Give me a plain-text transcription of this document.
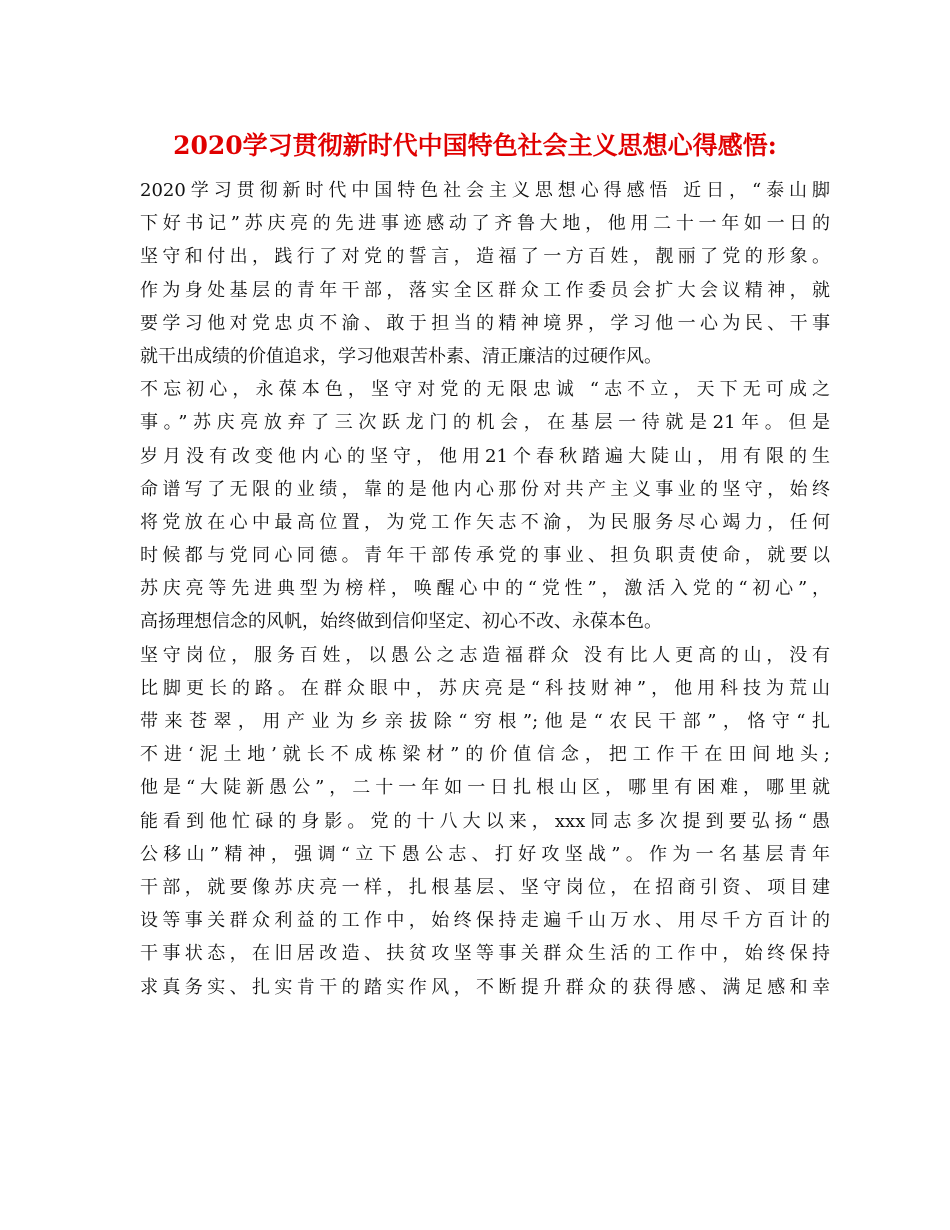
2020学习贯彻新时代中国特色社会主义思想心得感悟:
2020学习贯彻新时代中国特色社会主义思想心得感悟 近日，“泰山脚
下好书记”苏庆亮的先进事迹感动了齐鲁大地，他用二十一年如一日的
坚守和付出，践行了对党的誓言，造福了一方百姓，靓丽了党的形象。
作为身处基层的青年干部，落实全区群众工作委员会扩大会议精神，就
要学习他对党忠贞不渝、敢于担当的精神境界，学习他一心为民、干事
就干出成绩的价值追求，学习他艰苦朴素、清正廉洁的过硬作风。
不忘初心，永葆本色，坚守对党的无限忠诚 “志不立，天下无可成之
事。”苏庆亮放弃了三次跃龙门的机会，在基层一待就是21年。但是
岁月没有改变他内心的坚守，他用21个春秋踏遍大陡山，用有限的生
命谱写了无限的业绩，靠的是他内心那份对共产主义事业的坚守，始终
将党放在心中最高位置，为党工作矢志不渝，为民服务尽心竭力，任何
时候都与党同心同德。青年干部传承党的事业、担负职责使命，就要以
苏庆亮等先进典型为榜样，唤醒心中的“党性”，激活入党的“初心”，
高扬理想信念的风帆，始终做到信仰坚定、初心不改、永葆本色。
坚守岗位，服务百姓，以愚公之志造福群众 没有比人更高的山，没有
比脚更长的路。在群众眼中，苏庆亮是“科技财神”，他用科技为荒山
带来苍翠，用产业为乡亲拔除“穷根”;他是“农民干部”，恪守“扎
不进‘泥土地’就长不成栋梁材”的价值信念，把工作干在田间地头;
他是“大陡新愚公”，二十一年如一日扎根山区，哪里有困难，哪里就
能看到他忙碌的身影。党的十八大以来，xxx同志多次提到要弘扬“愚
公移山”精神，强调“立下愚公志、打好攻坚战”。作为一名基层青年
干部，就要像苏庆亮一样，扎根基层、坚守岗位，在招商引资、项目建
设等事关群众利益的工作中，始终保持走遍千山万水、用尽千方百计的
干事状态，在旧居改造、扶贫攻坚等事关群众生活的工作中，始终保持
求真务实、扎实肯干的踏实作风，不断提升群众的获得感、满足感和幸
